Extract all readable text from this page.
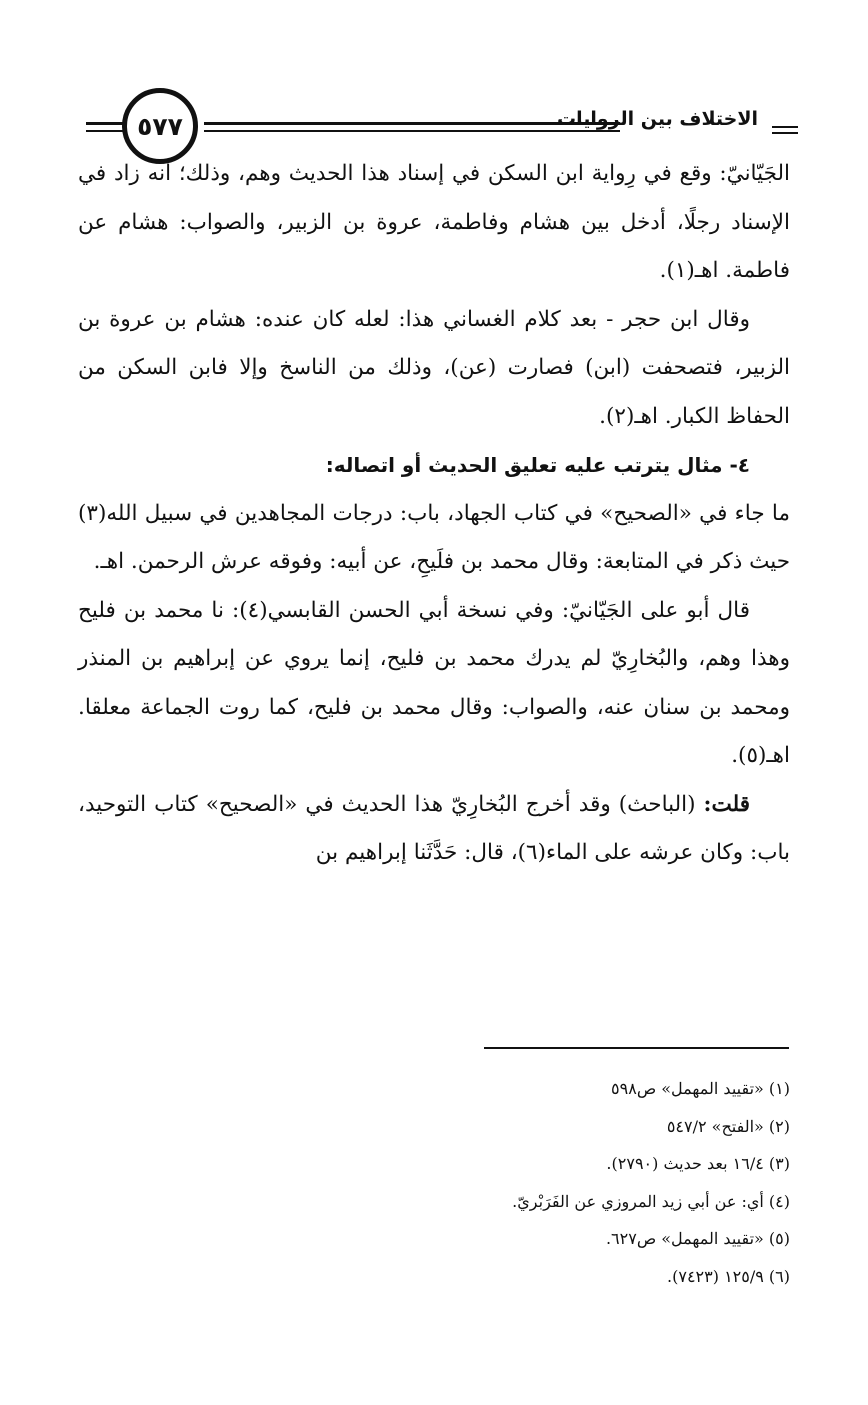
٥٧٧	الاختلاف بين الروايات

الجَيّانيّ: وقع في رِواية ابن السكن في إسناد هذا الحديث وهم، وذلك؛ أنه زاد في الإسناد رجلًا، أدخل بين هشام وفاطمة، عروة بن الزبير، والصواب: هشام عن فاطمة. اهـ(١).

وقال ابن حجر - بعد كلام الغساني هذا: لعله كان عنده: هشام بن عروة بن الزبير، فتصحفت (ابن) فصارت (عن)، وذلك من الناسخ وإلا فابن السكن من الحفاظ الكبار. اهـ(٢).

٤- مثال يترتب عليه تعليق الحديث أو اتصاله:

ما جاء في «الصحيح» في كتاب الجهاد، باب: درجات المجاهدين في سبيل الله(٣) حيث ذكر في المتابعة: وقال محمد بن فلَيحِ، عن أبيه: وفوقه عرش الرحمن. اهـ.

قال أبو على الجَيّانيّ: وفي نسخة أبي الحسن القابسي(٤): نا محمد بن فليح وهذا وهم، والبُخارِيّ لم يدرك محمد بن فليح، إنما يروي عن إبراهيم بن المنذر ومحمد بن سنان عنه، والصواب: وقال محمد بن فليح، كما روت الجماعة معلقا. اهـ(٥).

قلت: (الباحث) وقد أخرج البُخارِيّ هذا الحديث في «الصحيح» كتاب التوحيد، باب: وكان عرشه على الماء(٦)، قال: حَدَّثَنا إبراهيم بن

(١) «تقييد المهمل» ص٥٩٨

(٢) «الفتح» ٥٤٧/٢

(٣) ١٦/٤ بعد حديث (٢٧٩٠).

(٤) أي: عن أبي زيد المروزي عن الفَرَبْريّ.

(٥) «تقييد المهمل» ص٦٢٧.

(٦) ١٢٥/٩ (٧٤٢٣).
